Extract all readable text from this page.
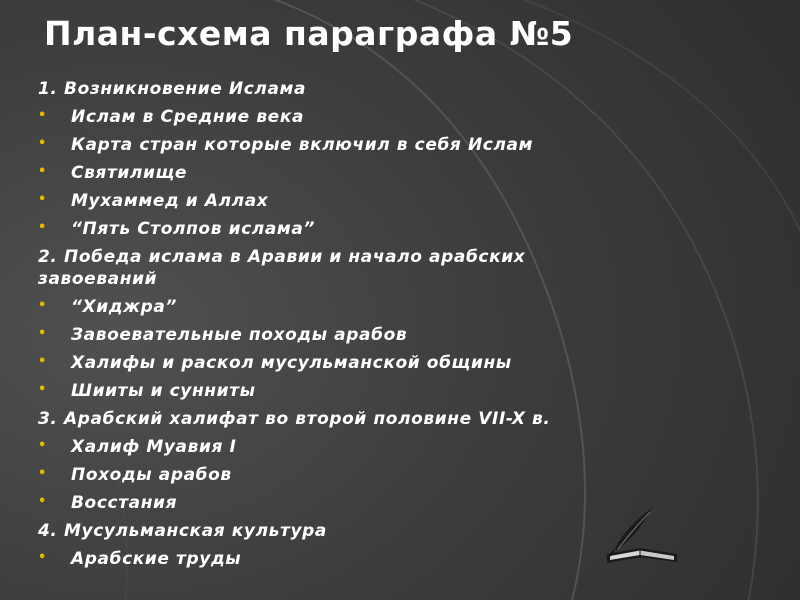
План-схема параграфа №5
1. Возникновение Ислама
• Ислам в Средние века
• Карта стран которые включил в себя Ислам
• Святилище
• Мухаммед и Аллах
• “Пять Столпов ислама”
2. Победа ислама в Аравии и начало арабских завоеваний
• “Хиджра”
• Завоевательные походы арабов
• Халифы и раскол мусульманской общины
• Шииты и сунниты
3. Арабский халифат во второй половине VII-X в.
• Халиф Муавия I
• Походы арабов
• Восстания
4. Мусульманская культура
• Арабские труды
